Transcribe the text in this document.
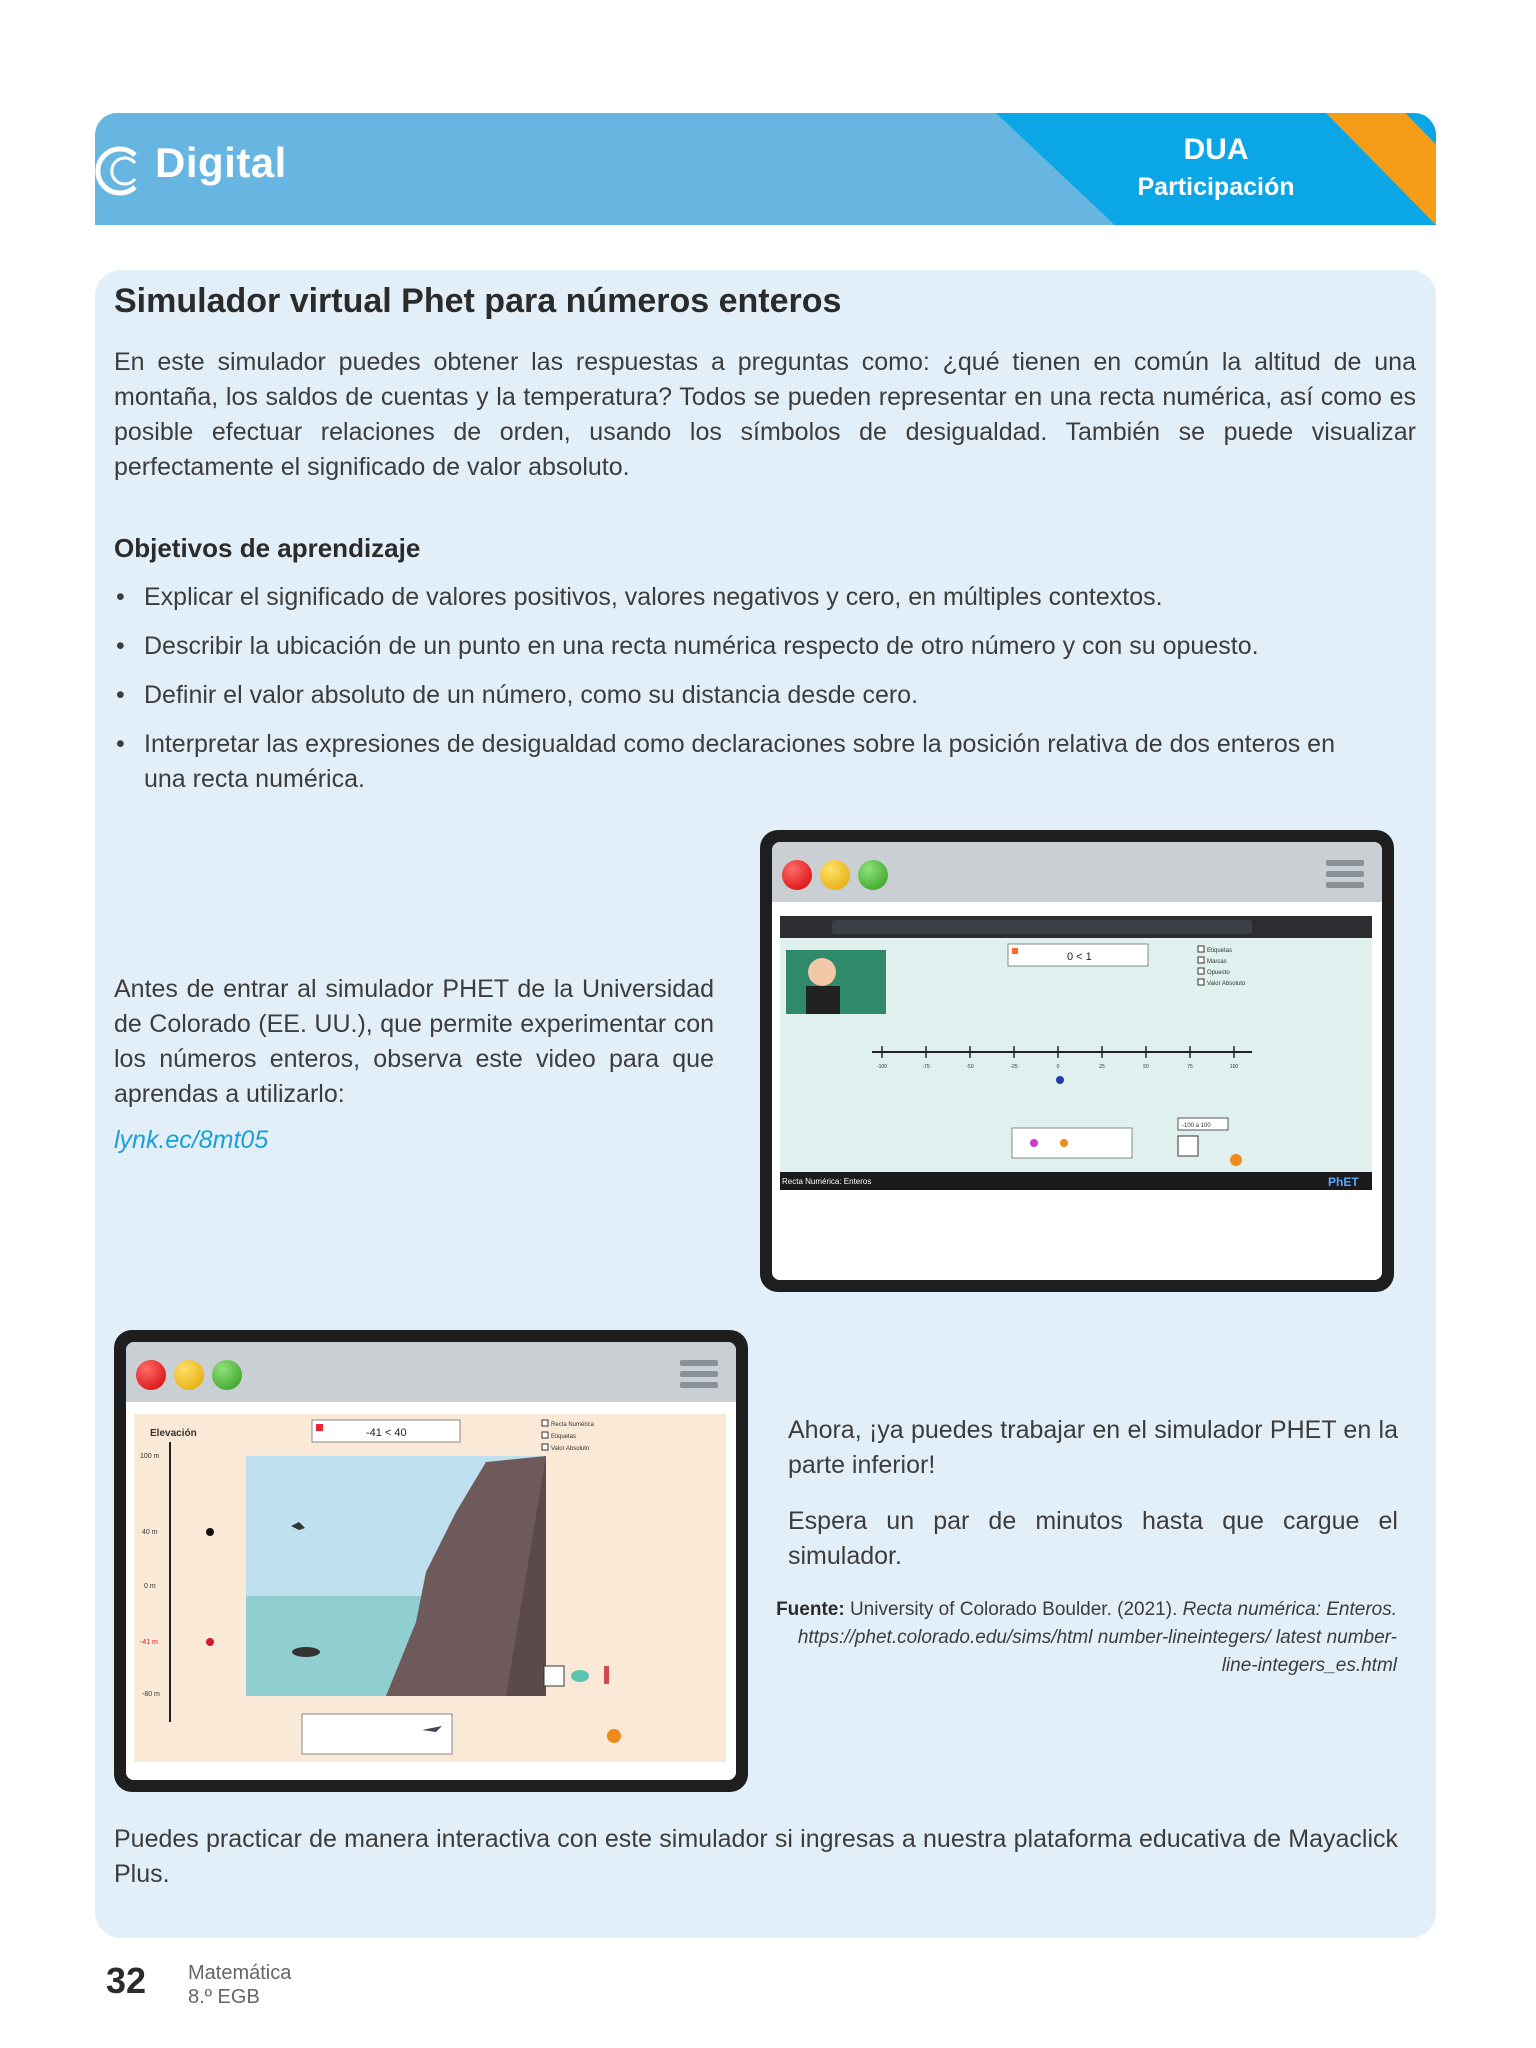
Digital	DUA
Participación
Simulador virtual Phet para números enteros
En este simulador puedes obtener las respuestas a preguntas como: ¿qué tienen en común la altitud de una montaña, los saldos de cuentas y la temperatura? Todos se pueden representar en una recta numérica, así como es posible efectuar relaciones de orden, usando los símbolos de desigualdad. También se puede visualizar perfectamente el significado de valor absoluto.
Objetivos de aprendizaje
• Explicar el significado de valores positivos, valores negativos y cero, en múltiples contextos.
• Describir la ubicación de un punto en una recta numérica respecto de otro número y con su opuesto.
• Definir el valor absoluto de un número, como su distancia desde cero.
• Interpretar las expresiones de desigualdad como declaraciones sobre la posición relativa de dos enteros en una recta numérica.
Antes de entrar al simulador PHET de la Universidad de Colorado (EE. UU.), que permite experimentar con los números enteros, observa este video para que aprendas a utilizarlo:
lynk.ec/8mt05
0 < 1	Etiquetas
Marcas
Opuesto
Valor Absoluto
-100	-75	-50	-25	0	25	50	75	100
-100 a 100
Recta Numérica: Enteros	PhET
Elevación
100 m
40 m
0 m
-41 m
-80 m
-41 < 40
Recta Numérica
Etiquetas
Valor Absoluto
Ahora, ¡ya puedes trabajar en el simulador PHET en la parte inferior!
Espera un par de minutos hasta que cargue el simulador.
Fuente: University of Colorado Boulder. (2021). Recta numérica: Enteros. https://phet.colorado.edu/sims/html number-lineintegers/ latest number- line-integers_es.html
Puedes practicar de manera interactiva con este simulador si ingresas a nuestra plataforma educativa de Mayaclick Plus.
32 Matemática
8.º EGB
